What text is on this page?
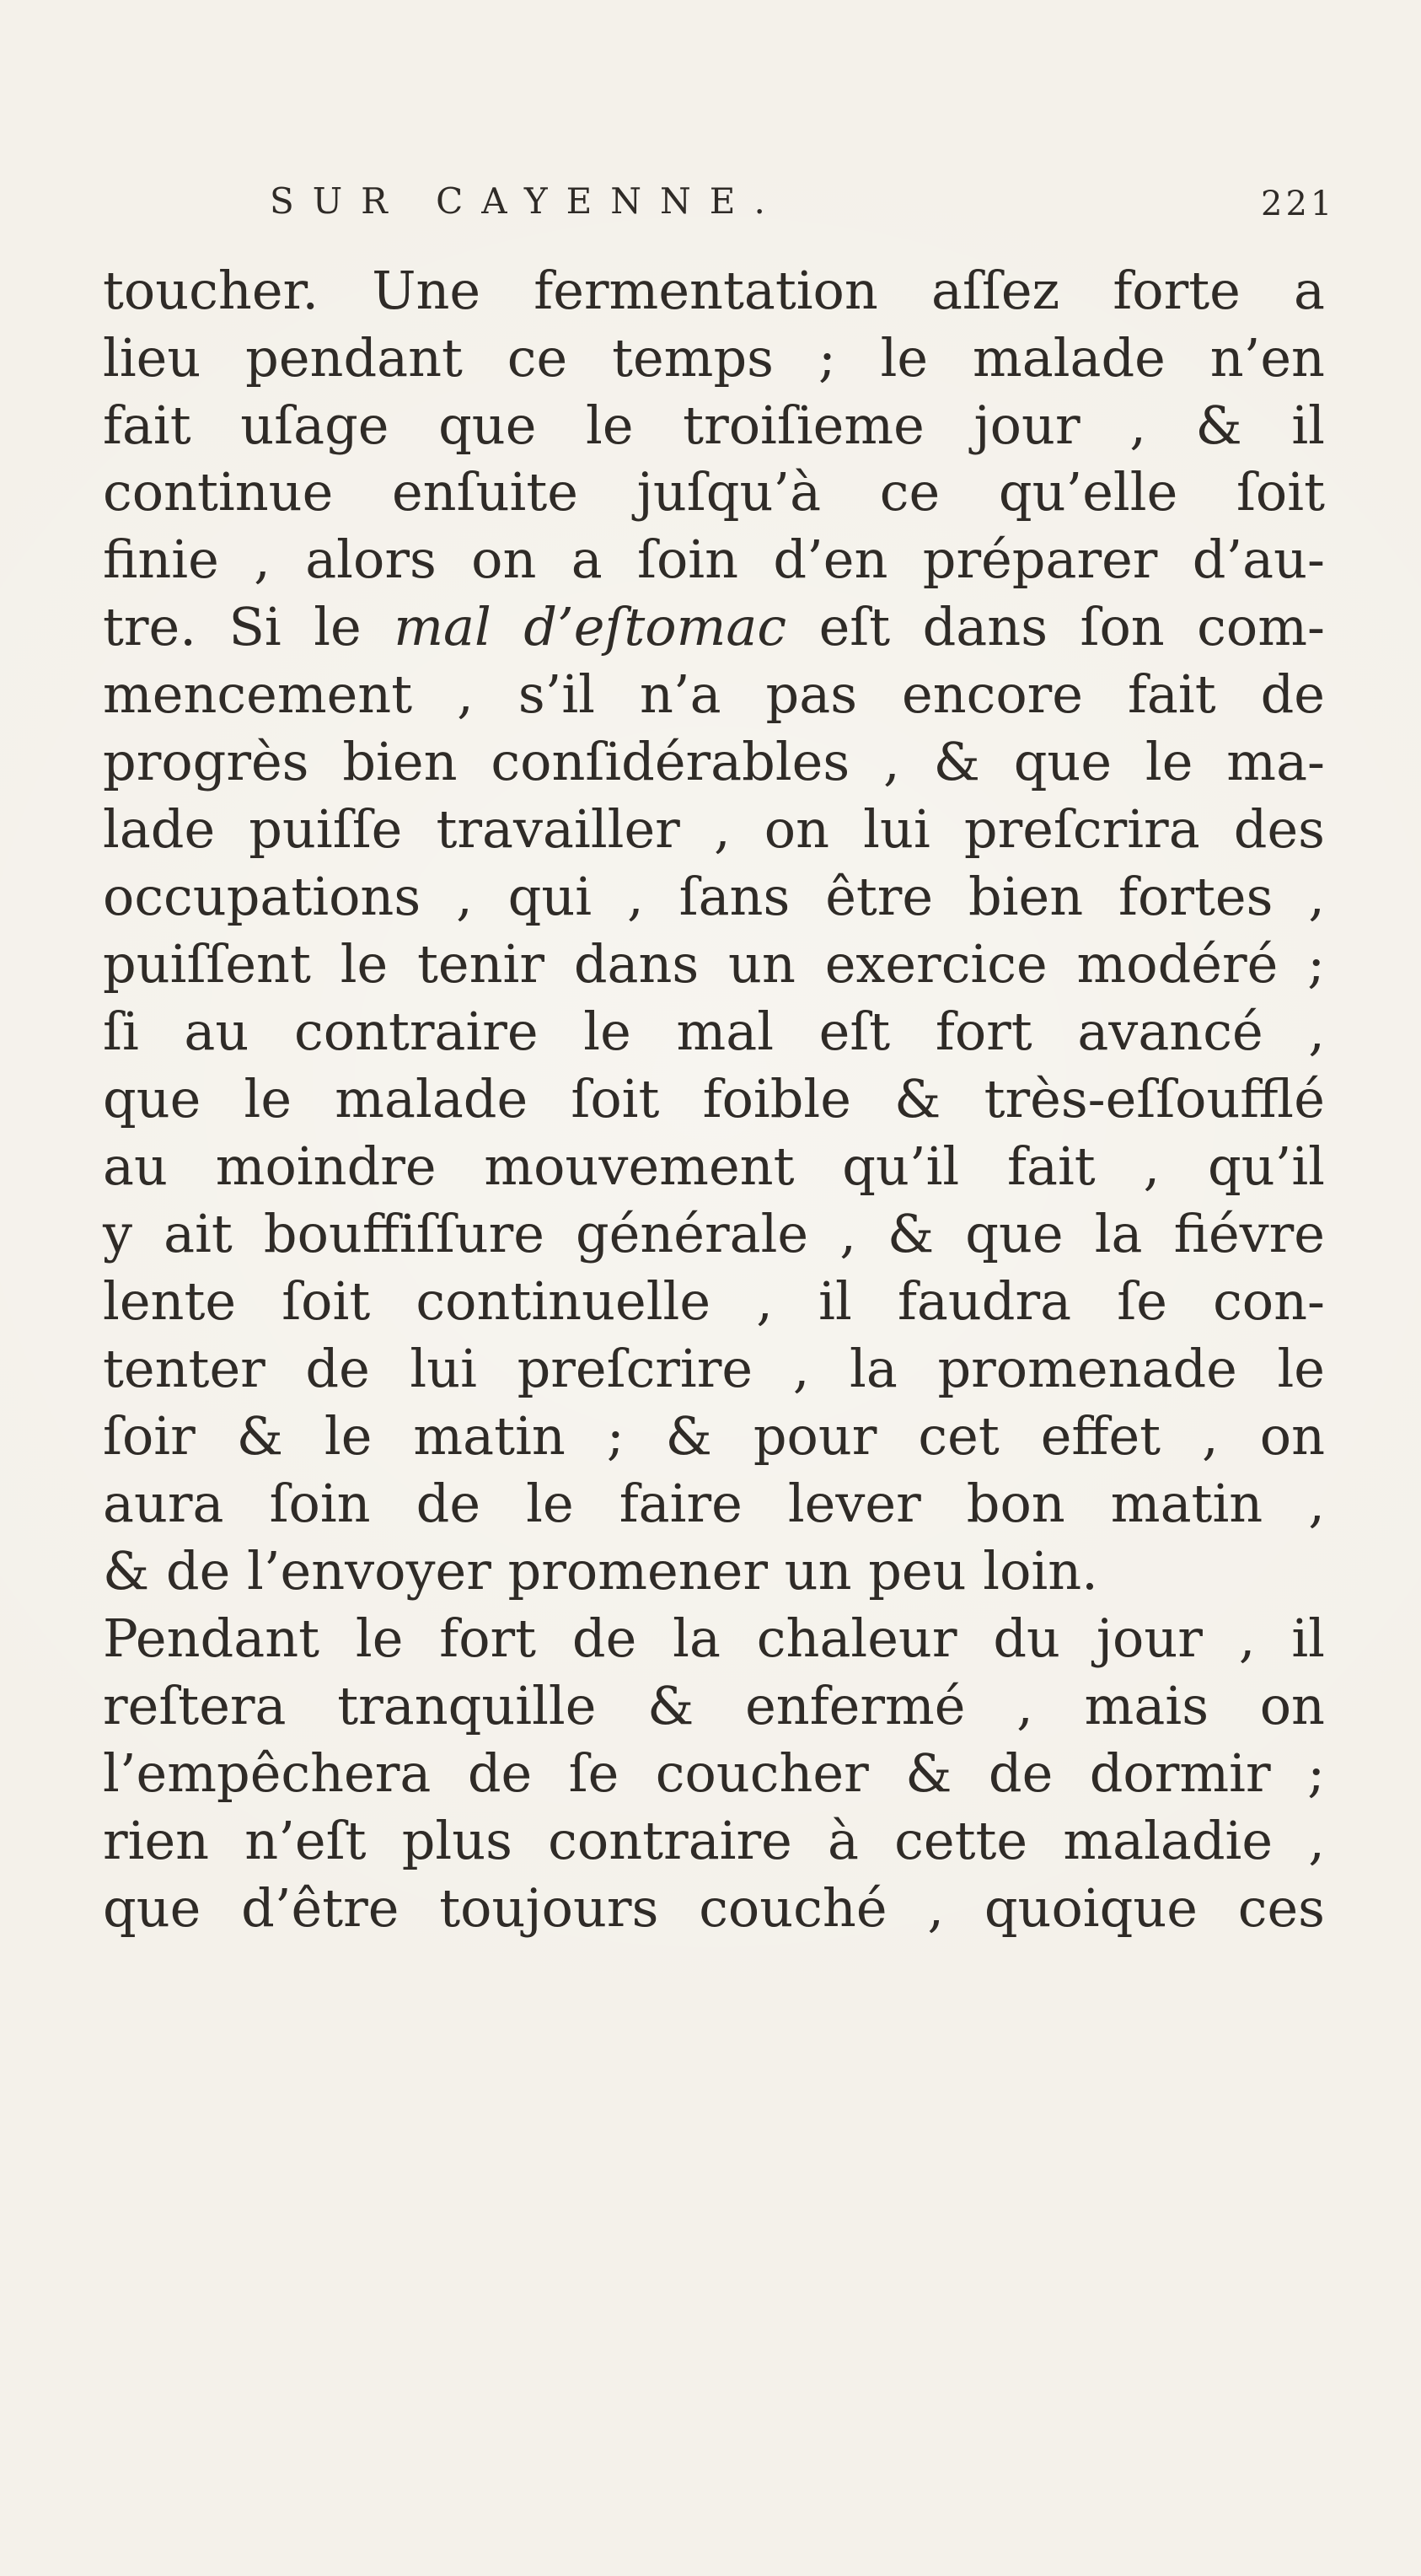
SUR CAYENNE.	221
toucher. Une fermentation aſſez forte a
lieu pendant ce temps ; le malade n’en
fait uſage que le troiſieme jour , & il
continue enſuite juſqu’à ce qu’elle ſoit
finie , alors on a ſoin d’en préparer d’au-
tre. Si le mal d’eſtomac eſt dans ſon com-
mencement , s’il n’a pas encore fait de
progrès bien conſidérables , & que le ma-
lade puiſſe travailler , on lui preſcrira des
occupations , qui , ſans être bien fortes ,
puiſſent le tenir dans un exercice modéré ;
ſi au contraire le mal eſt fort avancé ,
que le malade ſoit foible & très-eſſoufflé
au moindre mouvement qu’il fait , qu’il
y ait bouffiſſure générale , & que la fiévre
lente ſoit continuelle , il faudra ſe con-
tenter de lui preſcrire , la promenade le
ſoir & le matin ; & pour cet effet , on
aura ſoin de le faire lever bon matin ,
& de l’envoyer promener un peu loin.
Pendant le fort de la chaleur du jour , il
reſtera tranquille & enfermé , mais on
l’empêchera de ſe coucher & de dormir ;
rien n’eſt plus contraire à cette maladie ,
que d’être toujours couché , quoique ces
